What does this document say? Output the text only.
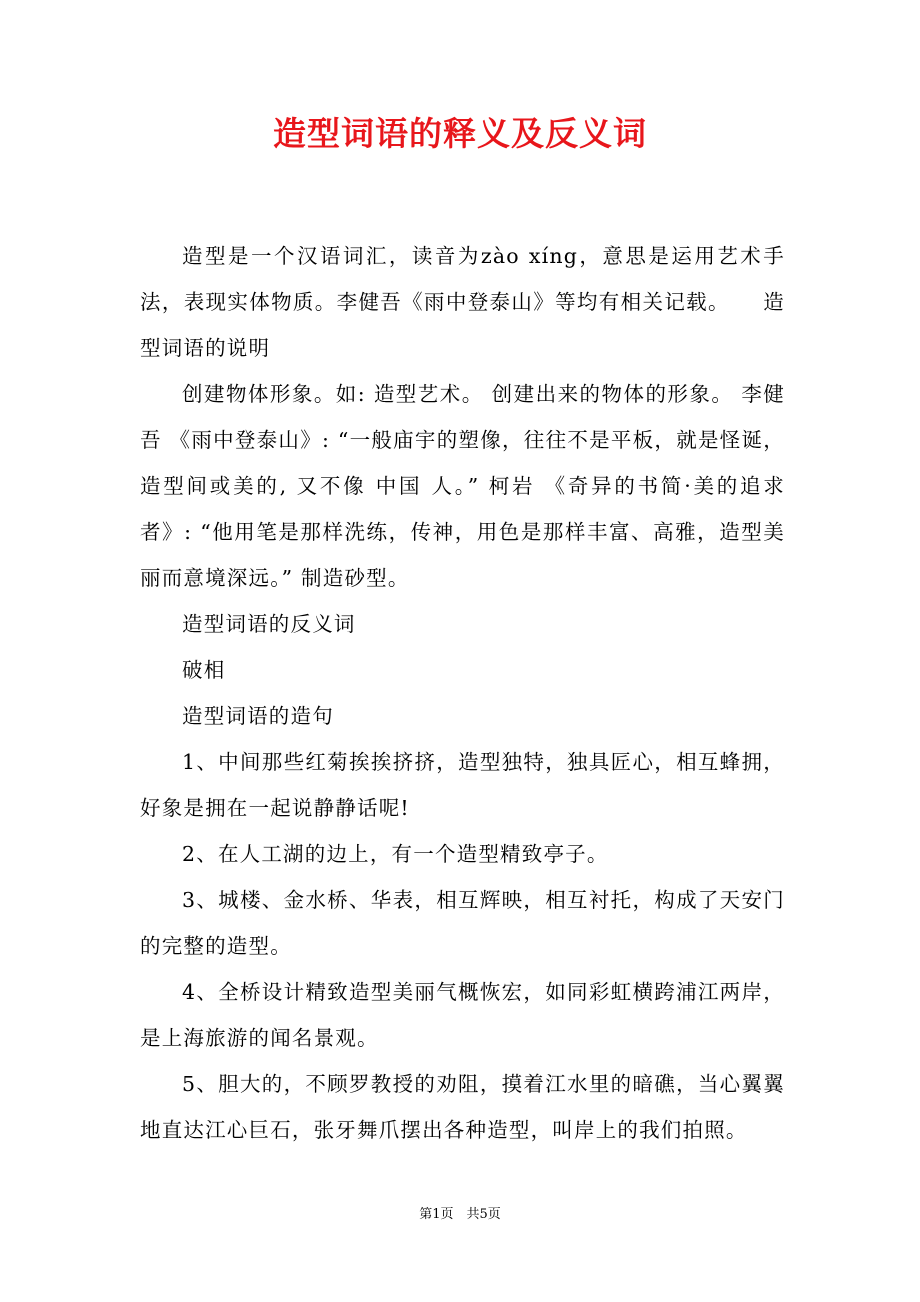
造型词语的释义及反义词

造型是一个汉语词汇，读音为zào xíng，意思是运用艺术手法，表现实体物质。李健吾《雨中登泰山》等均有相关记载。　　造型词语的说明

创建物体形象。如: 造型艺术。 创建出来的物体的形象。 李健吾 《雨中登泰山》: “一般庙宇的塑像，往往不是平板，就是怪诞，造型间或美的, 又不像 中国 人。” 柯岩 《奇异的书简·美的追求者》: “他用笔是那样洗练，传神，用色是那样丰富、高雅，造型美丽而意境深远。” 制造砂型。

造型词语的反义词

破相

造型词语的造句

1、中间那些红菊挨挨挤挤，造型独特，独具匠心，相互蜂拥，好象是拥在一起说静静话呢!

2、在人工湖的边上，有一个造型精致亭子。

3、城楼、金水桥、华表，相互辉映，相互衬托，构成了天安门的完整的造型。

4、全桥设计精致造型美丽气概恢宏，如同彩虹横跨浦江两岸，是上海旅游的闻名景观。

5、胆大的，不顾罗教授的劝阻，摸着江水里的暗礁，当心翼翼地直达江心巨石，张牙舞爪摆出各种造型，叫岸上的我们拍照。

第1页　共5页
